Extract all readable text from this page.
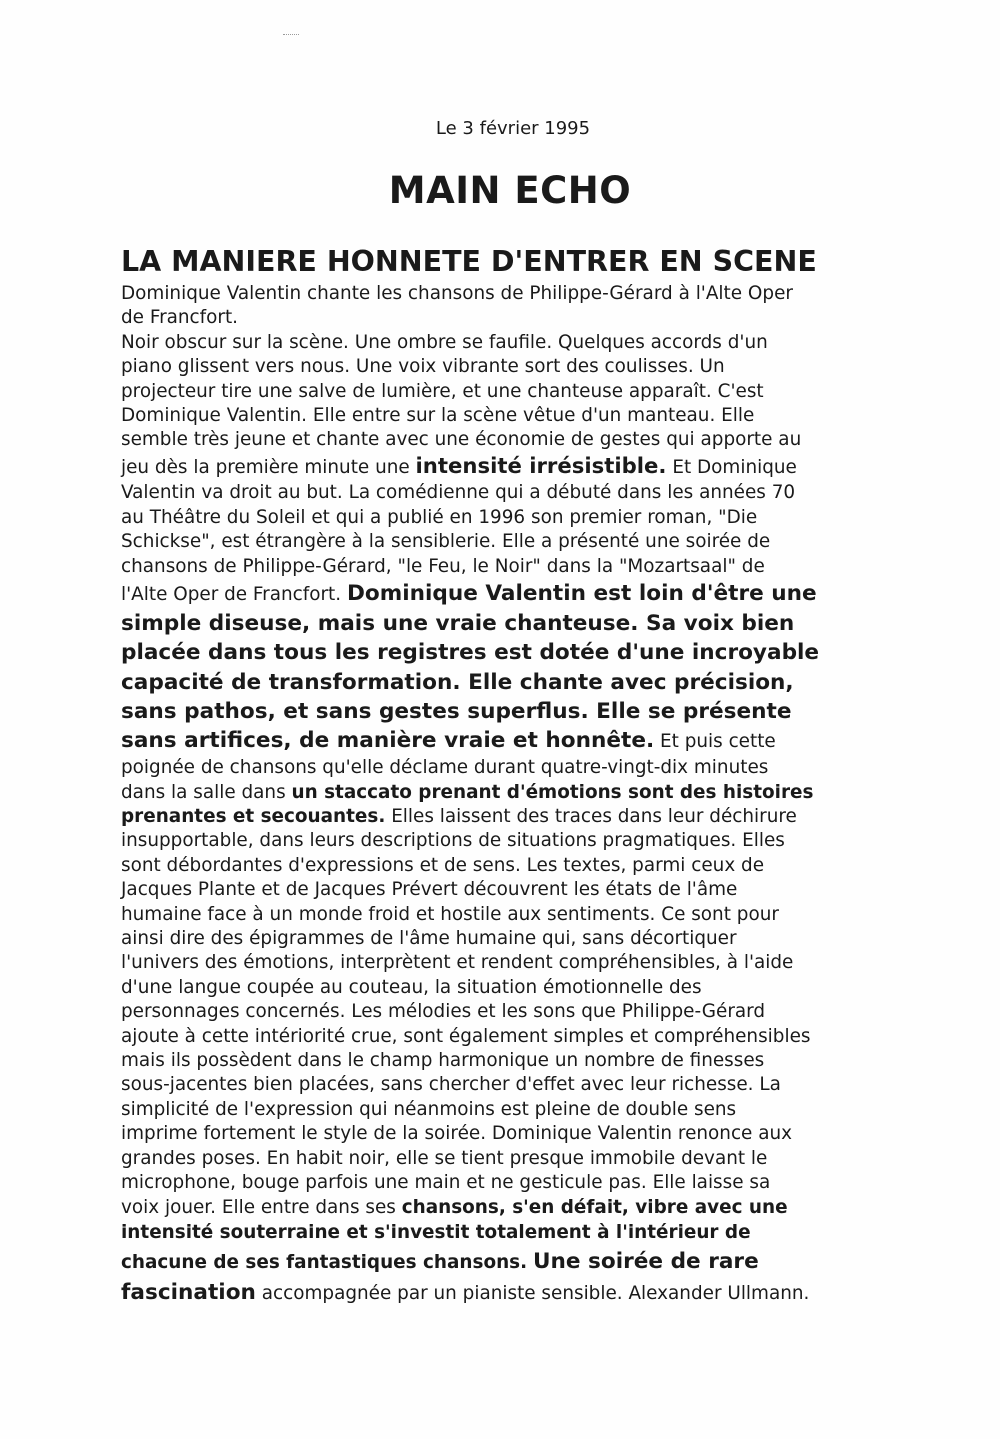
Le 3 février 1995
MAIN ECHO
LA MANIERE HONNETE D'ENTRER EN SCENE
Dominique Valentin chante les chansons de Philippe-Gérard à l'Alte Oper
de Francfort.
Noir obscur sur la scène. Une ombre se faufile. Quelques accords d'un
piano glissent vers nous. Une voix vibrante sort des coulisses. Un
projecteur tire une salve de lumière, et une chanteuse apparaît. C'est
Dominique Valentin. Elle entre sur la scène vêtue d'un manteau. Elle
semble très jeune et chante avec une économie de gestes qui apporte au
jeu dès la première minute une intensité irrésistible. Et Dominique
Valentin va droit au but. La comédienne qui a débuté dans les années 70
au Théâtre du Soleil et qui a publié en 1996 son premier roman, "Die
Schickse", est étrangère à la sensiblerie. Elle a présenté une soirée de
chansons de Philippe-Gérard, "le Feu, le Noir" dans la "Mozartsaal" de
l'Alte Oper de Francfort. Dominique Valentin est loin d'être une
simple diseuse, mais une vraie chanteuse. Sa voix bien
placée dans tous les registres est dotée d'une incroyable
capacité de transformation. Elle chante avec précision,
sans pathos, et sans gestes superflus. Elle se présente
sans artifices, de manière vraie et honnête. Et puis cette
poignée de chansons qu'elle déclame durant quatre-vingt-dix minutes
dans la salle dans un staccato prenant d'émotions sont des histoires
prenantes et secouantes. Elles laissent des traces dans leur déchirure
insupportable, dans leurs descriptions de situations pragmatiques. Elles
sont débordantes d'expressions et de sens. Les textes, parmi ceux de
Jacques Plante et de Jacques Prévert découvrent les états de l'âme
humaine face à un monde froid et hostile aux sentiments. Ce sont pour
ainsi dire des épigrammes de l'âme humaine qui, sans décortiquer
l'univers des émotions, interprètent et rendent compréhensibles, à l'aide
d'une langue coupée au couteau, la situation émotionnelle des
personnages concernés. Les mélodies et les sons que Philippe-Gérard
ajoute à cette intériorité crue, sont également simples et compréhensibles
mais ils possèdent dans le champ harmonique un nombre de finesses
sous-jacentes bien placées, sans chercher d'effet avec leur richesse. La
simplicité de l'expression qui néanmoins est pleine de double sens
imprime fortement le style de la soirée. Dominique Valentin renonce aux
grandes poses. En habit noir, elle se tient presque immobile devant le
microphone, bouge parfois une main et ne gesticule pas. Elle laisse sa
voix jouer. Elle entre dans ses chansons, s'en défait, vibre avec une
intensité souterraine et s'investit totalement à l'intérieur de
chacune de ses fantastiques chansons. Une soirée de rare
fascination accompagnée par un pianiste sensible. Alexander Ullmann.
